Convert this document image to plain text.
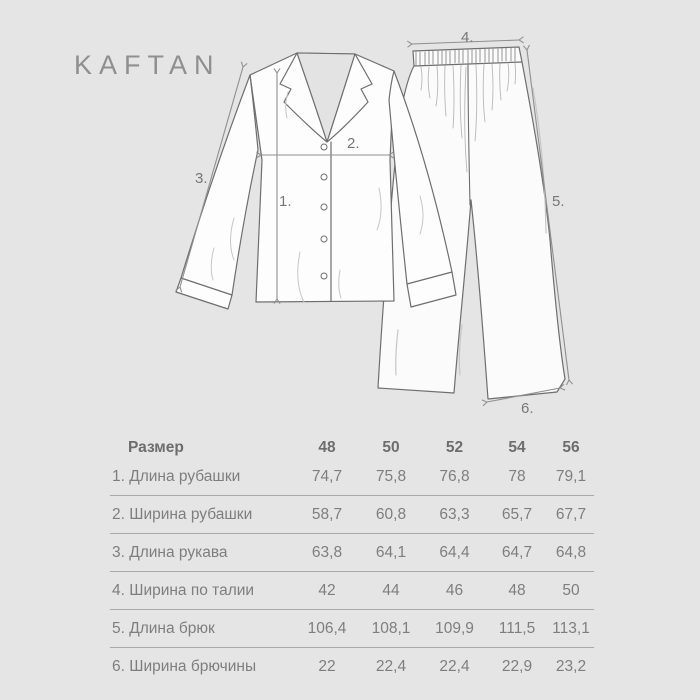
KAFTAN
1.
2.
3.
4.
5.
6.
Размер	48	50	52	54	56
1. Длина рубашки	74,7	75,8	76,8	78	79,1
2. Ширина рубашки	58,7	60,8	63,3	65,7	67,7
3. Длина рукава	63,8	64,1	64,4	64,7	64,8
4. Ширина по талии	42	44	46	48	50
5. Длина брюк	106,4	108,1	109,9	111,5	113,1
6. Ширина брючины	22	22,4	22,4	22,9	23,2
